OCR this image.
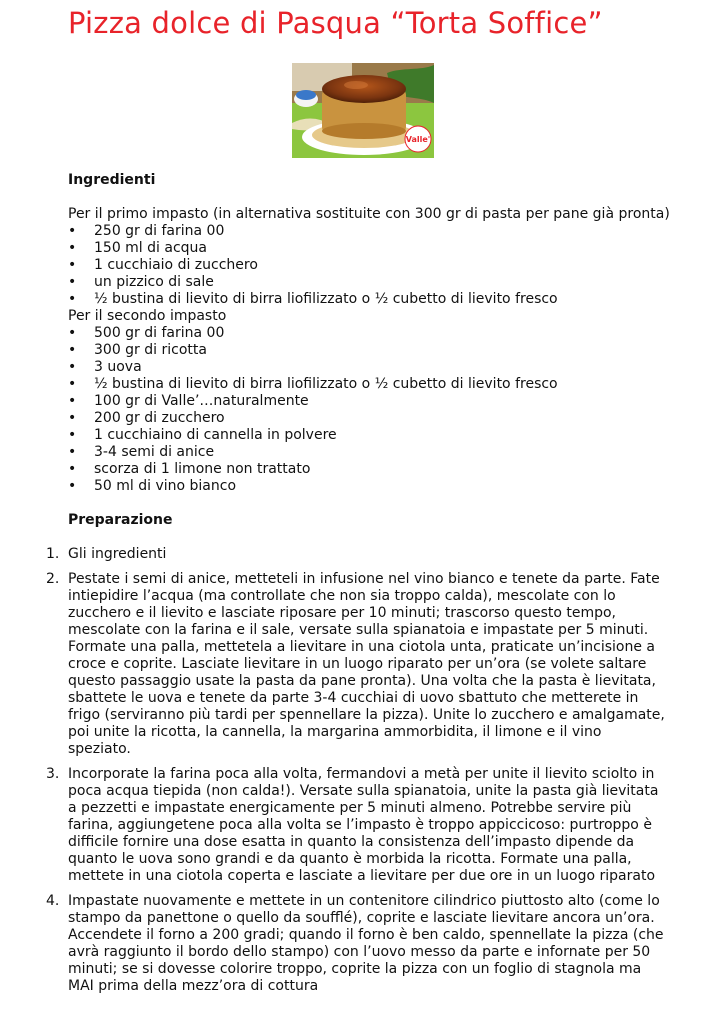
Pizza dolce di Pasqua “Torta Soffice”
Valle'

Ingredienti

Per il primo impasto (in alternativa sostituite con 300 gr di pasta per pane già pronta)

• 250 gr di farina 00
• 150 ml di acqua
• 1 cucchiaio di zucchero
• un pizzico di sale
• ½ bustina di lievito di birra liofilizzato o ½ cubetto di lievito fresco

Per il secondo impasto

• 500 gr di farina 00
• 300 gr di ricotta
• 3 uova
• ½ bustina di lievito di birra liofilizzato o ½ cubetto di lievito fresco
• 100 gr di Valle’…naturalmente
• 200 gr di zucchero
• 1 cucchiaino di cannella in polvere
• 3-4 semi di anice
• scorza di 1 limone non trattato
• 50 ml di vino bianco

Preparazione

1. Gli ingredienti
2. Pestate i semi di anice, metteteli in infusione nel vino bianco e tenete da parte. Fate intiepidire l’acqua (ma controllate che non sia troppo calda), mescolate con lo zucchero e il lievito e lasciate riposare per 10 minuti; trascorso questo tempo, mescolate con la farina e il sale, versate sulla spianatoia e impastate per 5 minuti. Formate una palla, mettetela a lievitare in una ciotola unta, praticate un’incisione a croce e coprite. Lasciate lievitare in un luogo riparato per un’ora (se volete saltare questo passaggio usate la pasta da pane pronta). Una volta che la pasta è lievitata, sbattete le uova e tenete da parte 3-4 cucchiai di uovo sbattuto che metterete in frigo (serviranno più tardi per spennellare la pizza). Unite lo zucchero e amalgamate, poi unite la ricotta, la cannella, la margarina ammorbidita, il limone e il vino speziato.
3. Incorporate la farina poca alla volta, fermandovi a metà per unite il lievito sciolto in poca acqua tiepida (non calda!). Versate sulla spianatoia, unite la pasta già lievitata a pezzetti e impastate energicamente per 5 minuti almeno. Potrebbe servire più farina, aggiungetene poca alla volta se l’impasto è troppo appiccicoso: purtroppo è difficile fornire una dose esatta in quanto la consistenza dell’impasto dipende da quanto le uova sono grandi e da quanto è morbida la ricotta. Formate una palla, mettete in una ciotola coperta e lasciate a lievitare per due ore in un luogo riparato
4. Impastate nuovamente e mettete in un contenitore cilindrico piuttosto alto (come lo stampo da panettone o quello da soufflé), coprite e lasciate lievitare ancora un’ora. Accendete il forno a 200 gradi; quando il forno è ben caldo, spennellate la pizza (che avrà raggiunto il bordo dello stampo) con l’uovo messo da parte e infornate per 50 minuti; se si dovesse colorire troppo, coprite la pizza con un foglio di stagnola ma MAI prima della mezz’ora di cottura
